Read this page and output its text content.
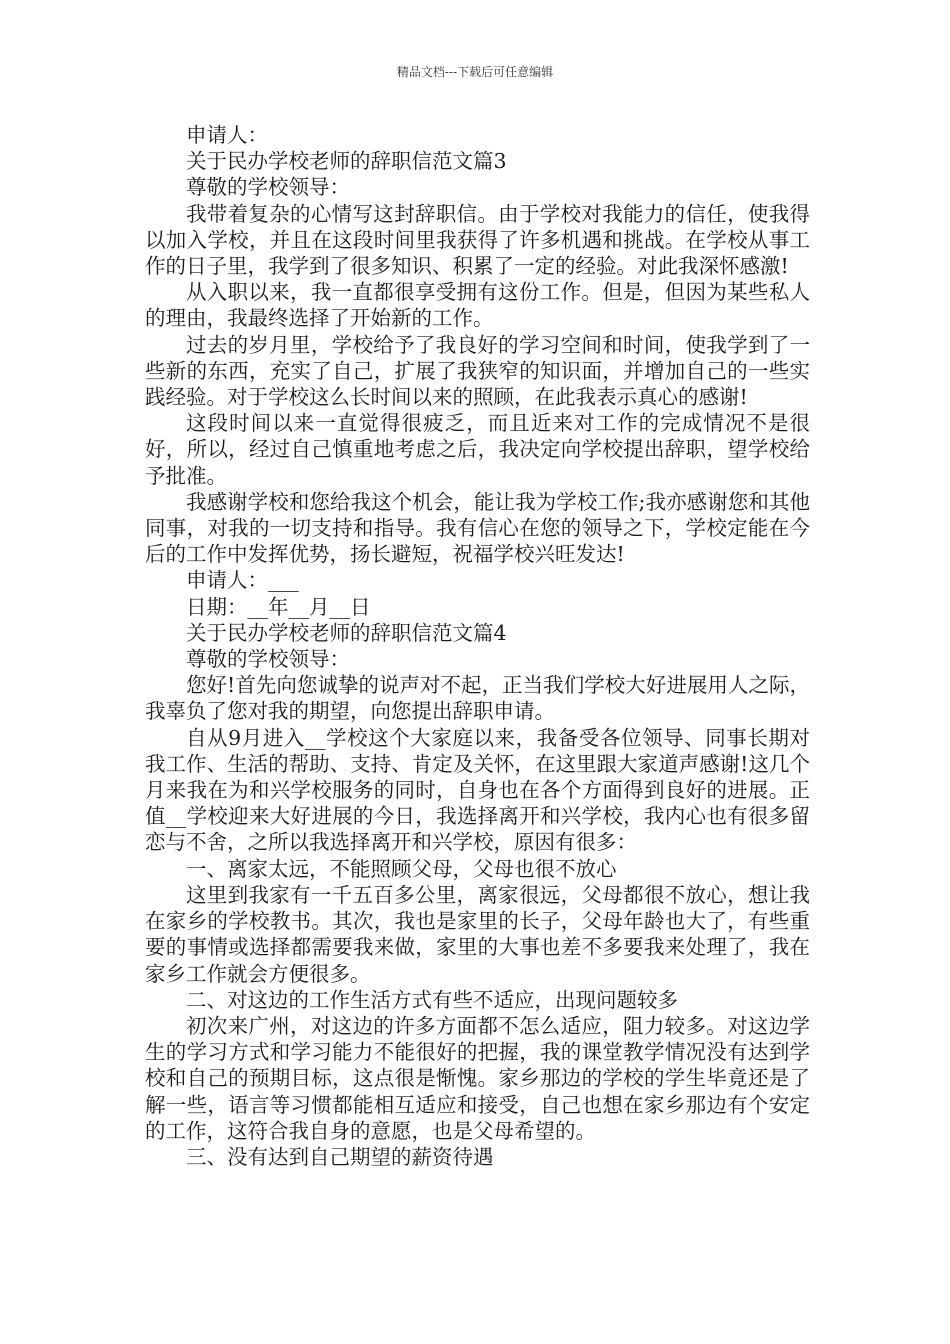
精品文档---下载后可任意编辑

申请人：

关于民办学校老师的辞职信范文篇3

尊敬的学校领导：

我带着复杂的心情写这封辞职信。由于学校对我能力的信任，使我得以加入学校，并且在这段时间里我获得了许多机遇和挑战。在学校从事工作的日子里，我学到了很多知识、积累了一定的经验。对此我深怀感激!

从入职以来，我一直都很享受拥有这份工作。但是，但因为某些私人的理由，我最终选择了开始新的工作。

过去的岁月里，学校给予了我良好的学习空间和时间，使我学到了一些新的东西，充实了自己，扩展了我狭窄的知识面，并增加自己的一些实践经验。对于学校这么长时间以来的照顾，在此我表示真心的感谢!

这段时间以来一直觉得很疲乏，而且近来对工作的完成情况不是很好，所以，经过自己慎重地考虑之后，我决定向学校提出辞职，望学校给予批准。

我感谢学校和您给我这个机会，能让我为学校工作;我亦感谢您和其他同事，对我的一切支持和指导。我有信心在您的领导之下，学校定能在今后的工作中发挥优势，扬长避短，祝福学校兴旺发达!

申请人：___

日期：__年__月__日

关于民办学校老师的辞职信范文篇4

尊敬的学校领导：

您好!首先向您诚挚的说声对不起，正当我们学校大好进展用人之际，我辜负了您对我的期望，向您提出辞职申请。

自从9月进入__学校这个大家庭以来，我备受各位领导、同事长期对我工作、生活的帮助、支持、肯定及关怀，在这里跟大家道声感谢!这几个月来我在为和兴学校服务的同时，自身也在各个方面得到良好的进展。正值__学校迎来大好进展的今日，我选择离开和兴学校，我内心也有很多留恋与不舍，之所以我选择离开和兴学校，原因有很多：

一、离家太远，不能照顾父母，父母也很不放心

这里到我家有一千五百多公里，离家很远，父母都很不放心，想让我在家乡的学校教书。其次，我也是家里的长子，父母年龄也大了，有些重要的事情或选择都需要我来做，家里的大事也差不多要我来处理了，我在家乡工作就会方便很多。

二、对这边的工作生活方式有些不适应，出现问题较多

初次来广州，对这边的许多方面都不怎么适应，阻力较多。对这边学生的学习方式和学习能力不能很好的把握，我的课堂教学情况没有达到学校和自己的预期目标，这点很是惭愧。家乡那边的学校的学生毕竟还是了解一些，语言等习惯都能相互适应和接受，自己也想在家乡那边有个安定的工作，这符合我自身的意愿，也是父母希望的。

三、没有达到自己期望的薪资待遇
